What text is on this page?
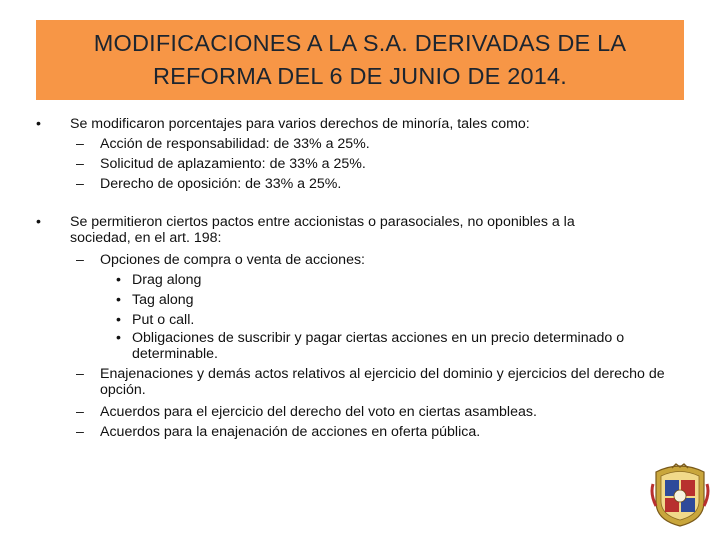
MODIFICACIONES A LA S.A. DERIVADAS DE LA
REFORMA DEL 6 DE JUNIO DE 2014.
•	Se modificaron porcentajes para varios derechos de minoría, tales como:
– Acción de responsabilidad: de 33% a 25%.
– Solicitud de aplazamiento: de 33% a 25%.
– Derecho de oposición: de 33% a 25%.
•	Se permitieron ciertos pactos entre accionistas o parasociales, no oponibles a la
sociedad, en el art. 198:
– Opciones de compra o venta de acciones:
• Drag along
• Tag along
• Put o call.
• Obligaciones de suscribir y pagar ciertas acciones en un precio determinado o determinable.
– Enajenaciones y demás actos relativos al ejercicio del dominio y ejercicios del derecho de opción.
– Acuerdos para el ejercicio del derecho del voto en ciertas asambleas.
– Acuerdos para la enajenación de acciones en oferta pública.
